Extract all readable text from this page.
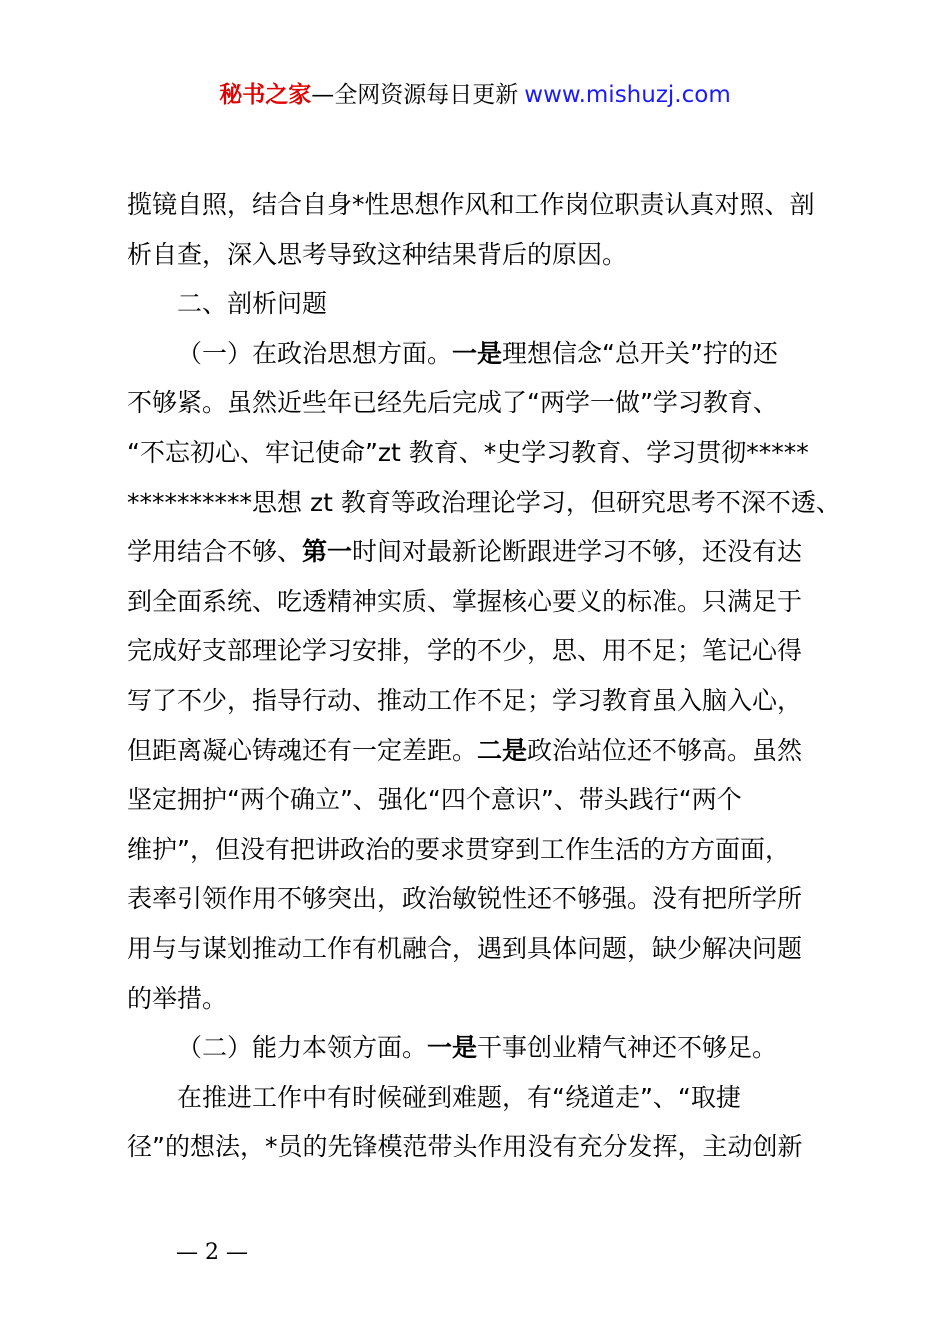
秘书之家—全网资源每日更新 www.mishuzj.com

揽镜自照，结合自身*性思想作风和工作岗位职责认真对照、剖
析自查，深入思考导致这种结果背后的原因。

二、剖析问题

（一）在政治思想方面。一是理想信念“总开关”拧的还
不够紧。虽然近些年已经先后完成了“两学一做”学习教育、
“不忘初心、牢记使命”zt 教育、*史学习教育、学习贯彻*****
**********思想 zt 教育等政治理论学习，但研究思考不深不透、
学用结合不够、第一时间对最新论断跟进学习不够，还没有达
到全面系统、吃透精神实质、掌握核心要义的标准。只满足于
完成好支部理论学习安排，学的不少，思、用不足；笔记心得
写了不少，指导行动、推动工作不足；学习教育虽入脑入心，
但距离凝心铸魂还有一定差距。二是政治站位还不够高。虽然
坚定拥护“两个确立”、强化“四个意识”、带头践行“两个
维护”，但没有把讲政治的要求贯穿到工作生活的方方面面，
表率引领作用不够突出，政治敏锐性还不够强。没有把所学所
用与与谋划推动工作有机融合，遇到具体问题，缺少解决问题
的举措。

（二）能力本领方面。一是干事创业精气神还不够足。

在推进工作中有时候碰到难题，有“绕道走”、“取捷
径”的想法，*员的先锋模范带头作用没有充分发挥，主动创新

— 2 —
